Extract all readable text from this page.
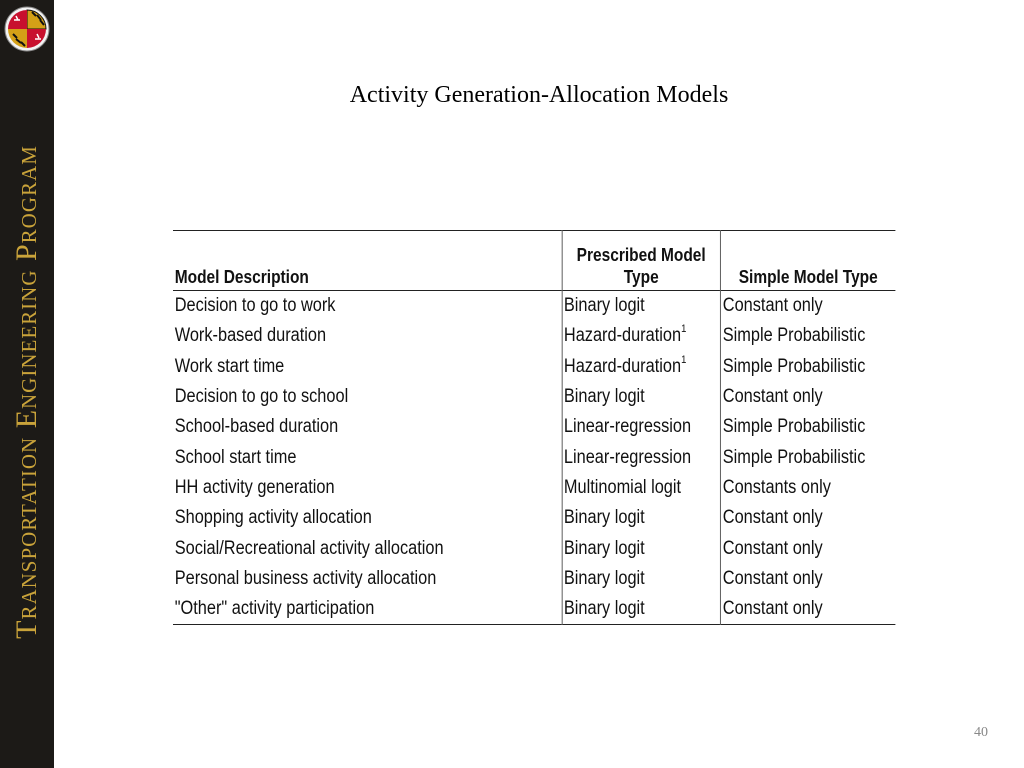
Transportation Engineering Program
Activity Generation-Allocation Models
Model Description	Prescribed Model Type	Simple Model Type
Decision to go to work	Binary logit	Constant only
Work-based duration	Hazard-duration$^1$	Simple Probabilistic
Work start time	Hazard-duration$^1$	Simple Probabilistic
Decision to go to school	Binary logit	Constant only
School-based duration	Linear-regression	Simple Probabilistic
School start time	Linear-regression	Simple Probabilistic
HH activity generation	Multinomial logit	Constants only
Shopping activity allocation	Binary logit	Constant only
Social/Recreational activity allocation	Binary logit	Constant only
Personal business activity allocation	Binary logit	Constant only
"Other" activity participation	Binary logit	Constant only
40
